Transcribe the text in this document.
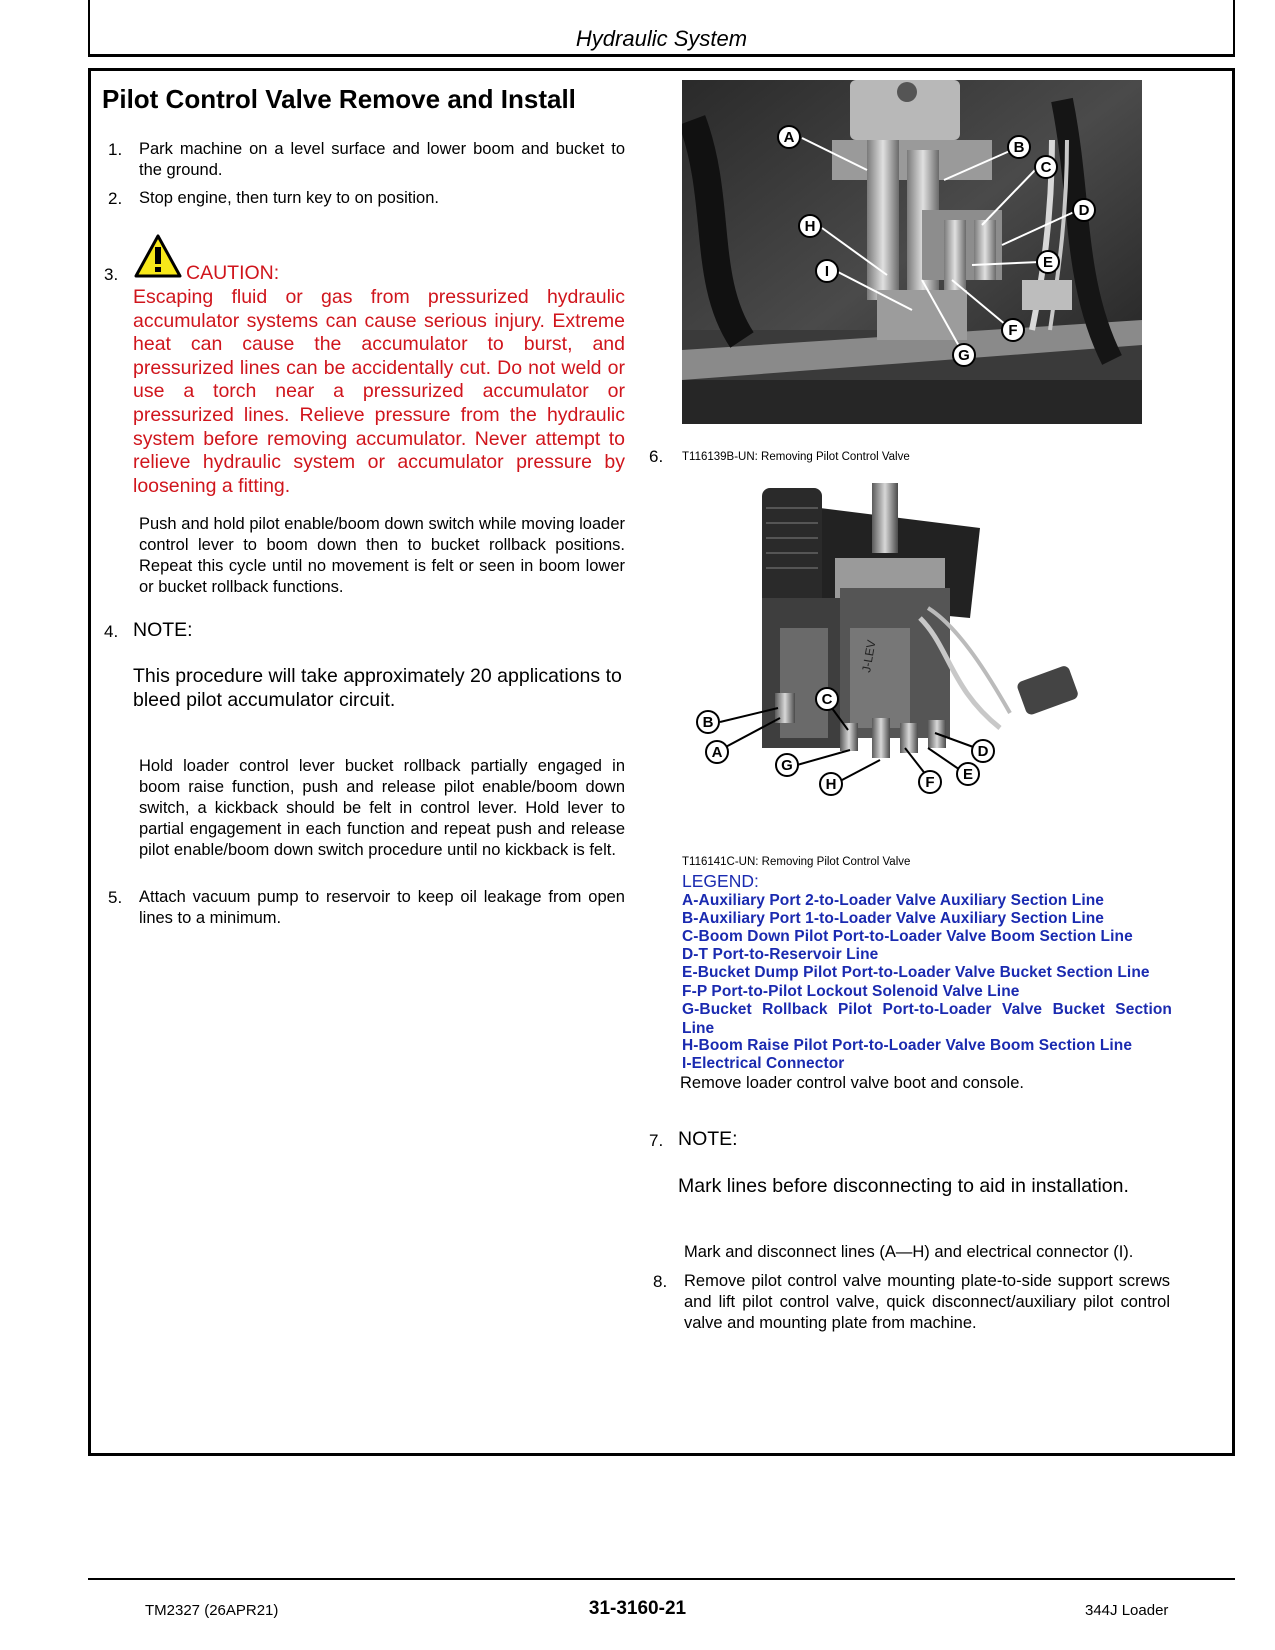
Hydraulic System
Pilot Control Valve Remove and Install
1. Park machine on a level surface and lower boom and bucket to the ground.
2. Stop engine, then turn key to on position.
3.	CAUTION:
Escaping fluid or gas from pressurized hydraulic accumulator systems can cause serious injury. Extreme heat can cause the accumulator to burst, and pressurized lines can be accidentally cut. Do not weld or use a torch near a pressurized accumulator or pressurized lines. Relieve pressure from the hydraulic system before removing accumulator. Never attempt to relieve hydraulic system or accumulator pressure by loosening a fitting.
Push and hold pilot enable/boom down switch while moving loader control lever to boom down then to bucket rollback positions. Repeat this cycle until no movement is felt or seen in boom lower or bucket rollback functions.
4. NOTE:
This procedure will take approximately 20 applications to bleed pilot accumulator circuit.
Hold loader control lever bucket rollback partially engaged in boom raise function, push and release pilot enable/boom down switch, a kickback should be felt in control lever. Hold lever to partial engagement in each function and repeat push and release pilot enable/boom down switch procedure until no kickback is felt.
5. Attach vacuum pump to reservoir to keep oil leakage from open lines to a minimum.
A
B
C
D
E
F
G
H
I
6. T116139B-UN: Removing Pilot Control Valve
J-LEV
B
A
C
D
E
F
G
H
T116141C-UN: Removing Pilot Control Valve
LEGEND:
A-Auxiliary Port 2-to-Loader Valve Auxiliary Section Line
B-Auxiliary Port 1-to-Loader Valve Auxiliary Section Line
C-Boom Down Pilot Port-to-Loader Valve Boom Section Line
D-T Port-to-Reservoir Line
E-Bucket Dump Pilot Port-to-Loader Valve Bucket Section Line
F-P Port-to-Pilot Lockout Solenoid Valve Line
G-Bucket Rollback Pilot Port-to-Loader Valve Bucket Section Line
H-Boom Raise Pilot Port-to-Loader Valve Boom Section Line
I-Electrical Connector
Remove loader control valve boot and console.
7. NOTE:
Mark lines before disconnecting to aid in installation.
Mark and disconnect lines (A—H) and electrical connector (I).
8. Remove pilot control valve mounting plate-to-side support screws and lift pilot control valve, quick disconnect/auxiliary pilot control valve and mounting plate from machine.
TM2327 (26APR21)	31-3160-21	344J Loader
